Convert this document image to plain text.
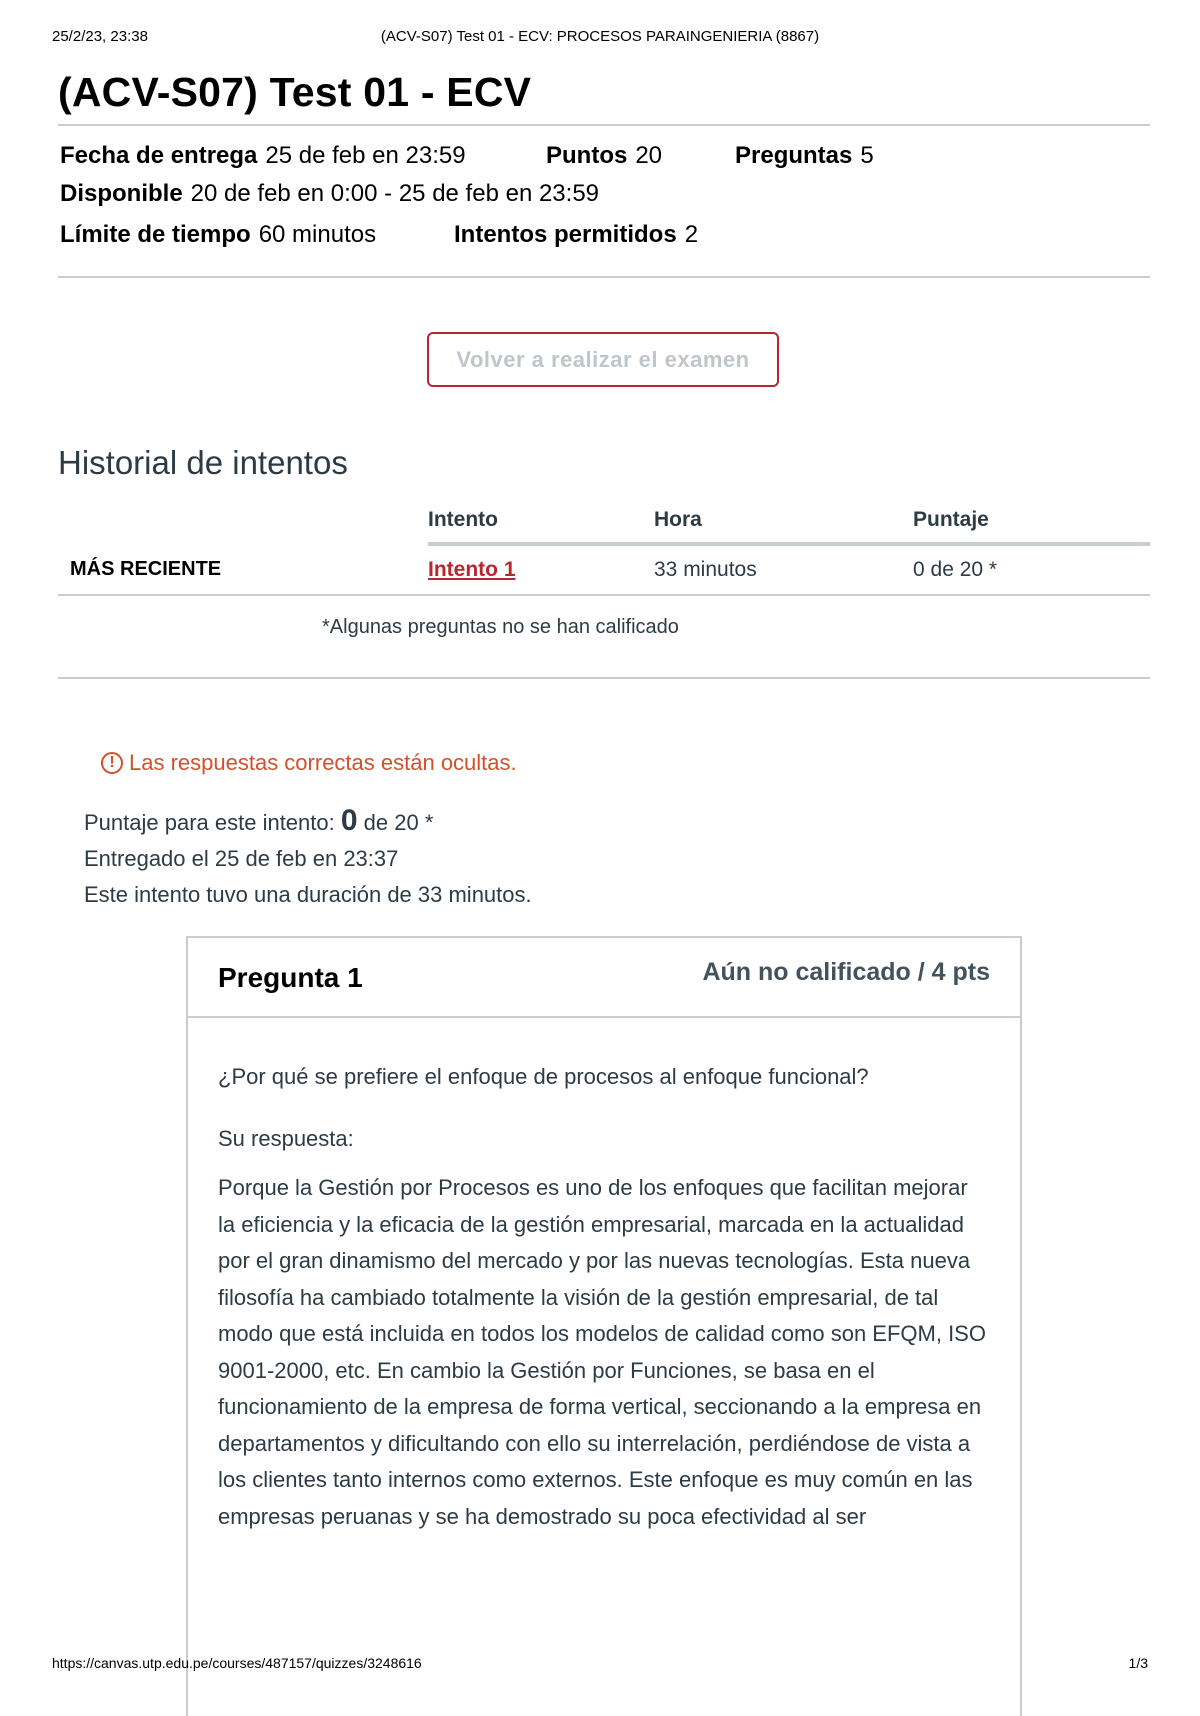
25/2/23, 23:38	(ACV-S07) Test 01 - ECV: PROCESOS PARAINGENIERIA (8867)
(ACV-S07) Test 01 - ECV
Fecha de entrega 25 de feb en 23:59	Puntos 20	Preguntas 5
Disponible 20 de feb en 0:00 - 25 de feb en 23:59
Límite de tiempo 60 minutos	Intentos permitidos 2
Volver a realizar el examen
Historial de intentos
	Intento	Hora	Puntaje
MÁS RECIENTE	Intento 1	33 minutos	0 de 20 *
*Algunas preguntas no se han calificado
! Las respuestas correctas están ocultas.
Puntaje para este intento: 0 de 20 *
Entregado el 25 de feb en 23:37
Este intento tuvo una duración de 33 minutos.
Pregunta 1	Aún no calificado / 4 pts

¿Por qué se prefiere el enfoque de procesos al enfoque funcional?

Su respuesta:

Porque la Gestión por Procesos es uno de los enfoques que facilitan mejorar la eficiencia y la eficacia de la gestión empresarial, marcada en la actualidad por el gran dinamismo del mercado y por las nuevas tecnologías. Esta nueva filosofía ha cambiado totalmente la visión de la gestión empresarial, de tal modo que está incluida en todos los modelos de calidad como son EFQM, ISO 9001-2000, etc. En cambio la Gestión por Funciones, se basa en el funcionamiento de la empresa de forma vertical, seccionando a la empresa en departamentos y dificultando con ello su interrelación, perdiéndose de vista a los clientes tanto internos como externos. Este enfoque es muy común en las empresas peruanas y se ha demostrado su poca efectividad al ser

https://canvas.utp.edu.pe/courses/487157/quizzes/3248616	1/3
